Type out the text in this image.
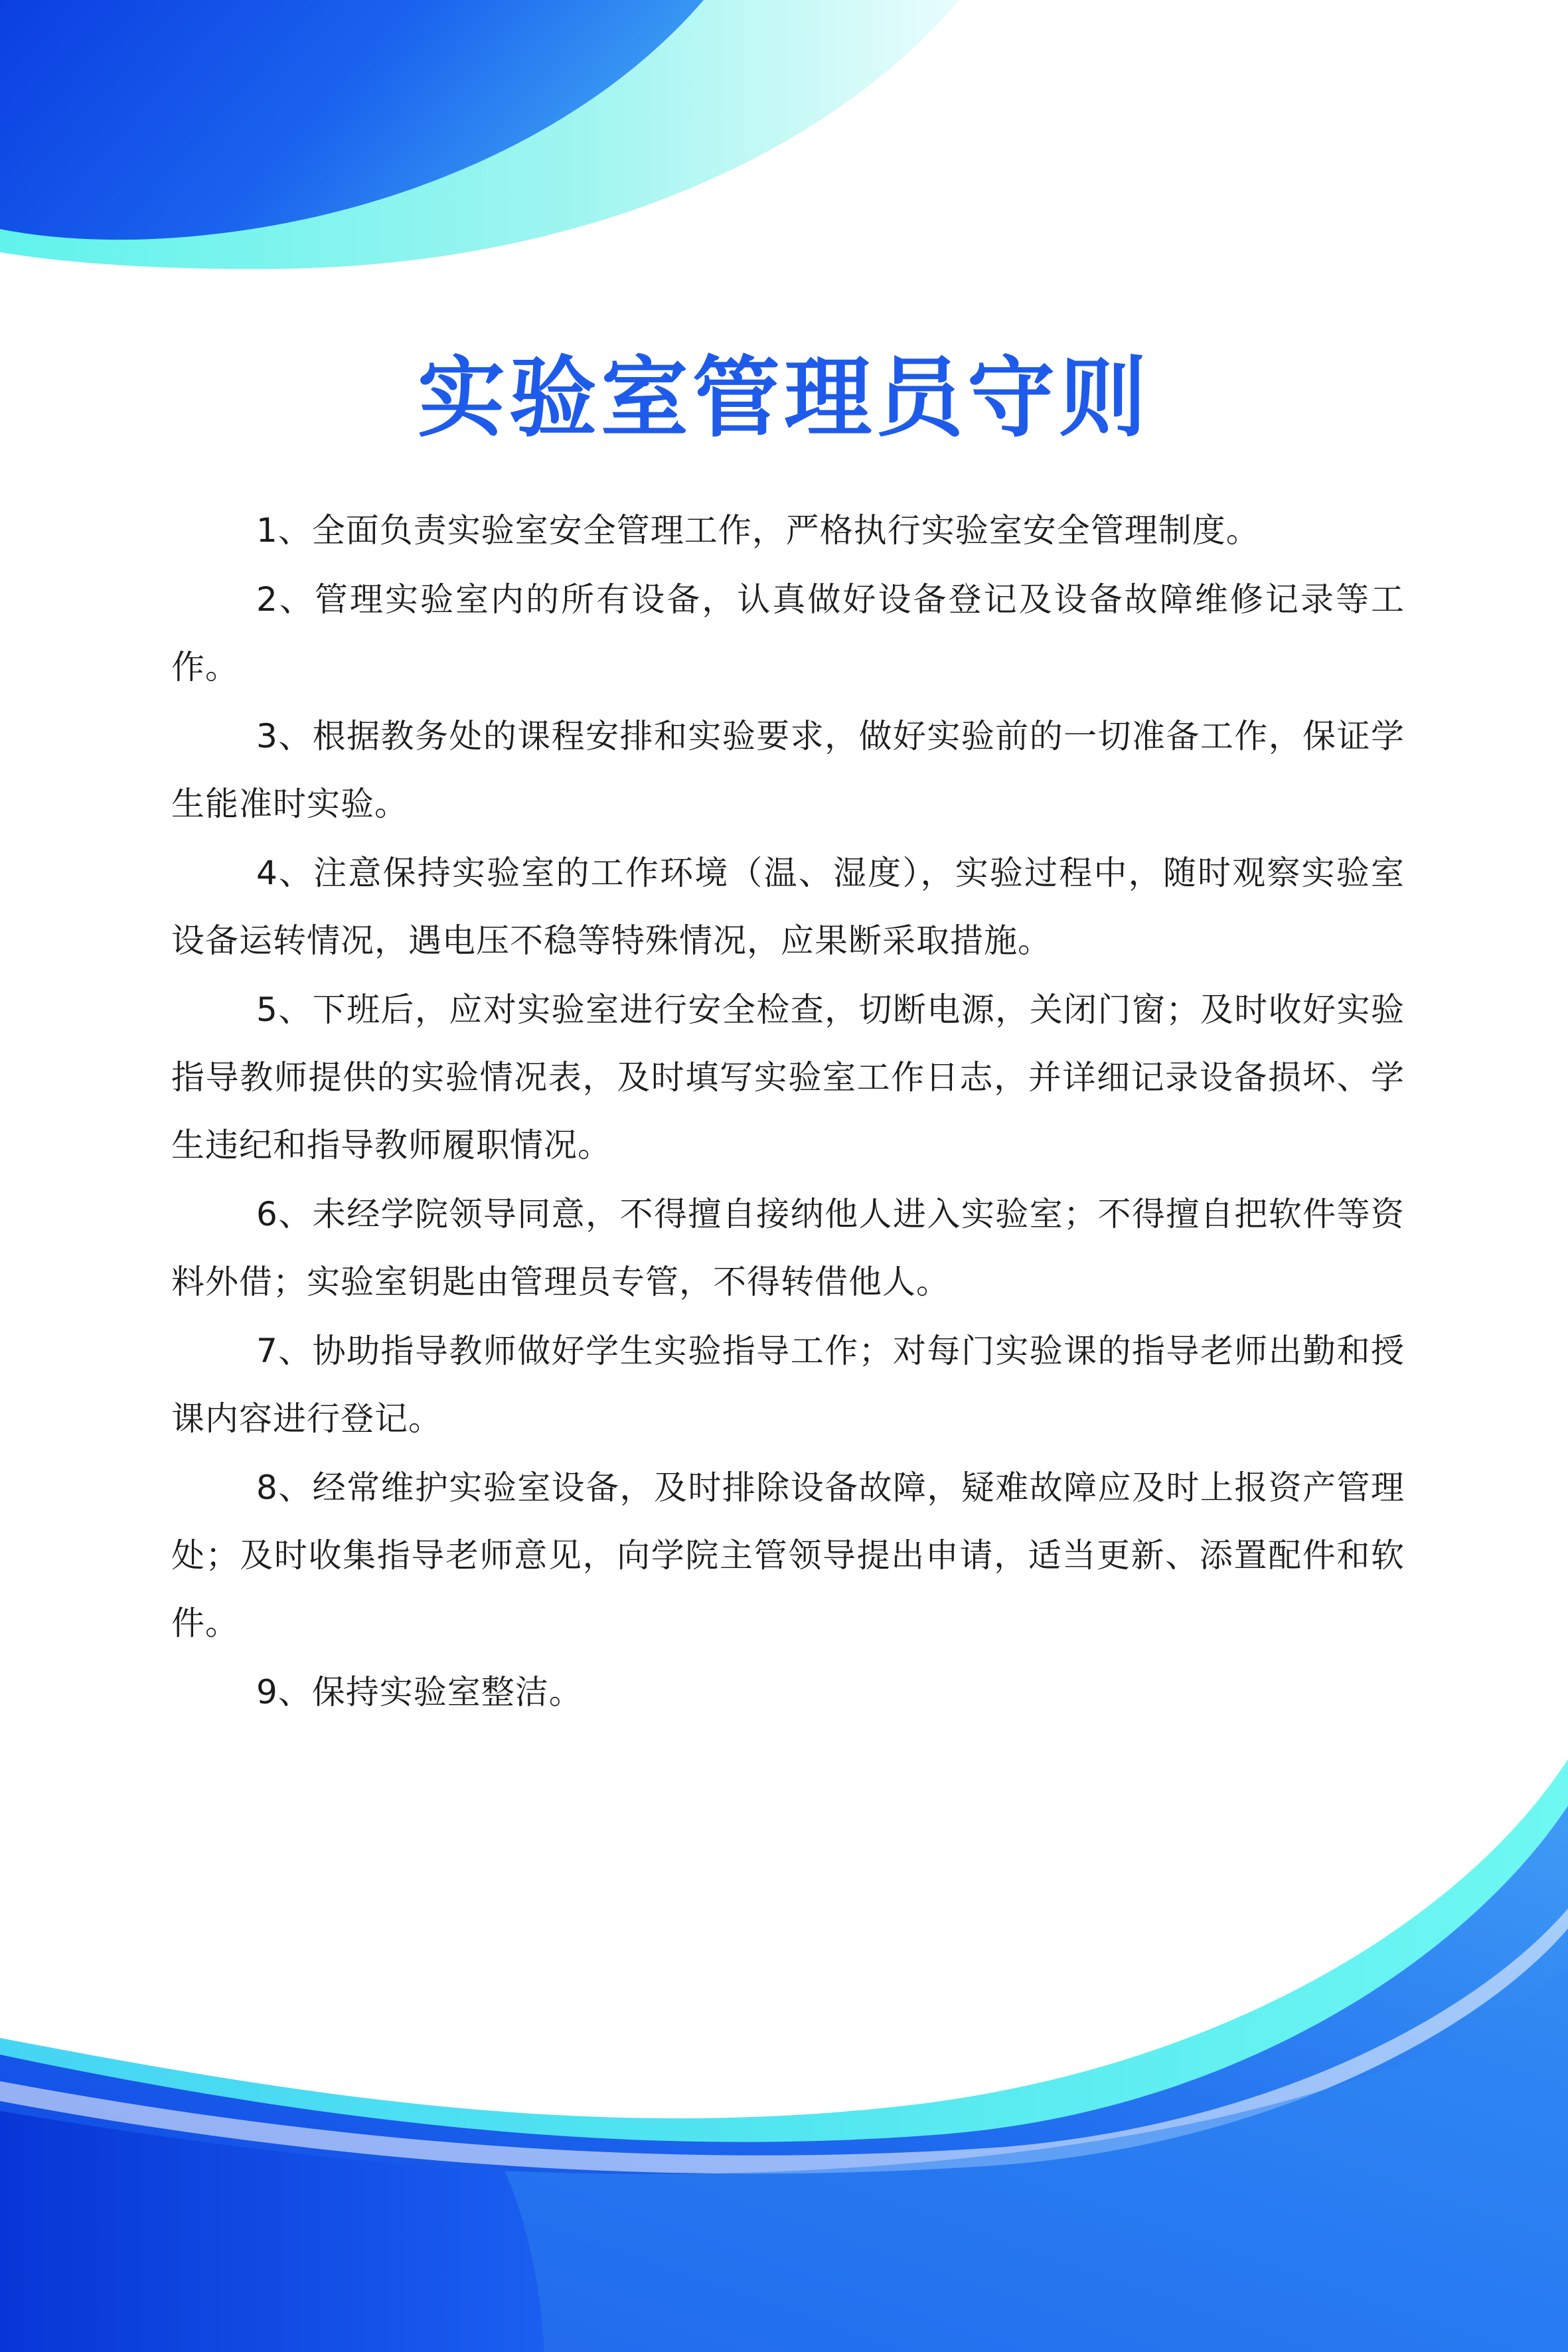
实验室管理员守则
1、全面负责实验室安全管理工作，严格执行实验室安全管理制度。
2、管理实验室内的所有设备，认真做好设备登记及设备故障维修记录等工作。
3、根据教务处的课程安排和实验要求，做好实验前的一切准备工作，保证学生能准时实验。
4、注意保持实验室的工作环境（温、湿度），实验过程中，随时观察实验室设备运转情况，遇电压不稳等特殊情况，应果断采取措施。
5、下班后，应对实验室进行安全检查，切断电源，关闭门窗；及时收好实验指导教师提供的实验情况表，及时填写实验室工作日志，并详细记录设备损坏、学生违纪和指导教师履职情况。
6、未经学院领导同意，不得擅自接纳他人进入实验室；不得擅自把软件等资料外借；实验室钥匙由管理员专管，不得转借他人。
7、协助指导教师做好学生实验指导工作；对每门实验课的指导老师出勤和授课内容进行登记。
8、经常维护实验室设备，及时排除设备故障，疑难故障应及时上报资产管理处；及时收集指导老师意见，向学院主管领导提出申请，适当更新、添置配件和软件。
9、保持实验室整洁。
